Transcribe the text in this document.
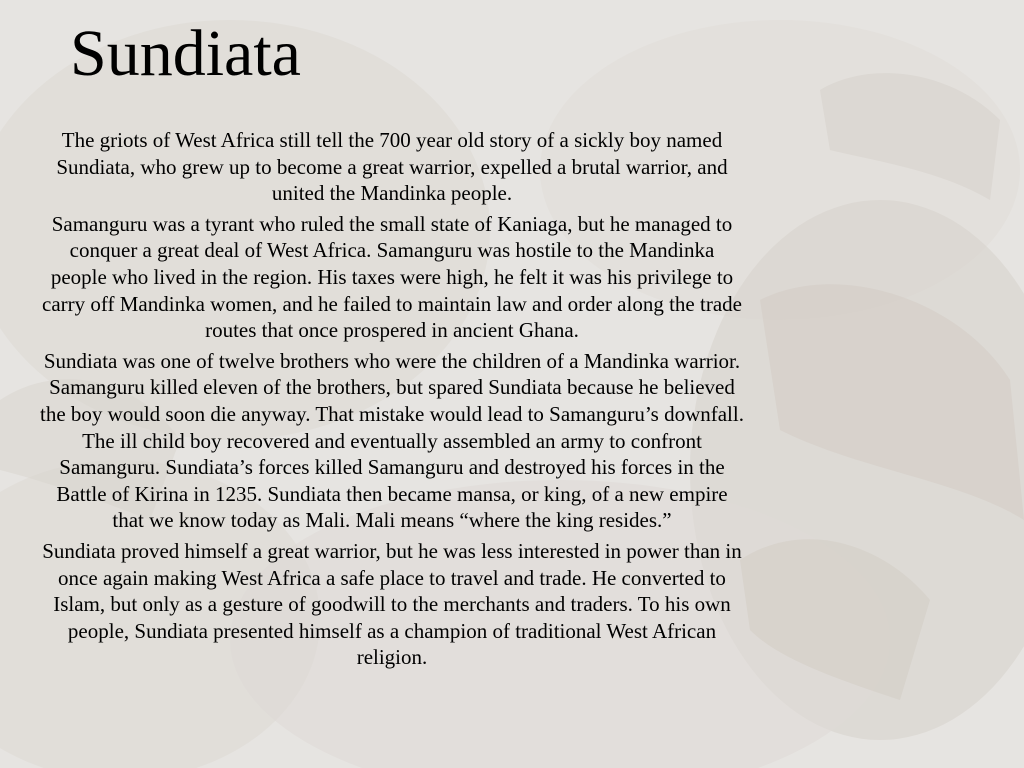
Sundiata

The griots of West Africa still tell the 700 year old story of a sickly boy named Sundiata, who grew up to become a great warrior, expelled a brutal warrior, and united the Mandinka people.

Samanguru was a tyrant who ruled the small state of Kaniaga, but he managed to conquer a great deal of West Africa. Samanguru was hostile to the Mandinka people who lived in the region. His taxes were high, he felt it was his privilege to carry off Mandinka women, and he failed to maintain law and order along the trade routes that once prospered in ancient Ghana.

Sundiata was one of twelve brothers who were the children of a Mandinka warrior. Samanguru killed eleven of the brothers, but spared Sundiata because he believed the boy would soon die anyway. That mistake would lead to Samanguru’s downfall. The ill child boy recovered and eventually assembled an army to confront Samanguru. Sundiata’s forces killed Samanguru and destroyed his forces in the Battle of Kirina in 1235. Sundiata then became mansa, or king, of a new empire that we know today as Mali. Mali means “where the king resides.”

Sundiata proved himself a great warrior, but he was less interested in power than in once again making West Africa a safe place to travel and trade. He converted to Islam, but only as a gesture of goodwill to the merchants and traders. To his own people, Sundiata presented himself as a champion of traditional West African religion.
